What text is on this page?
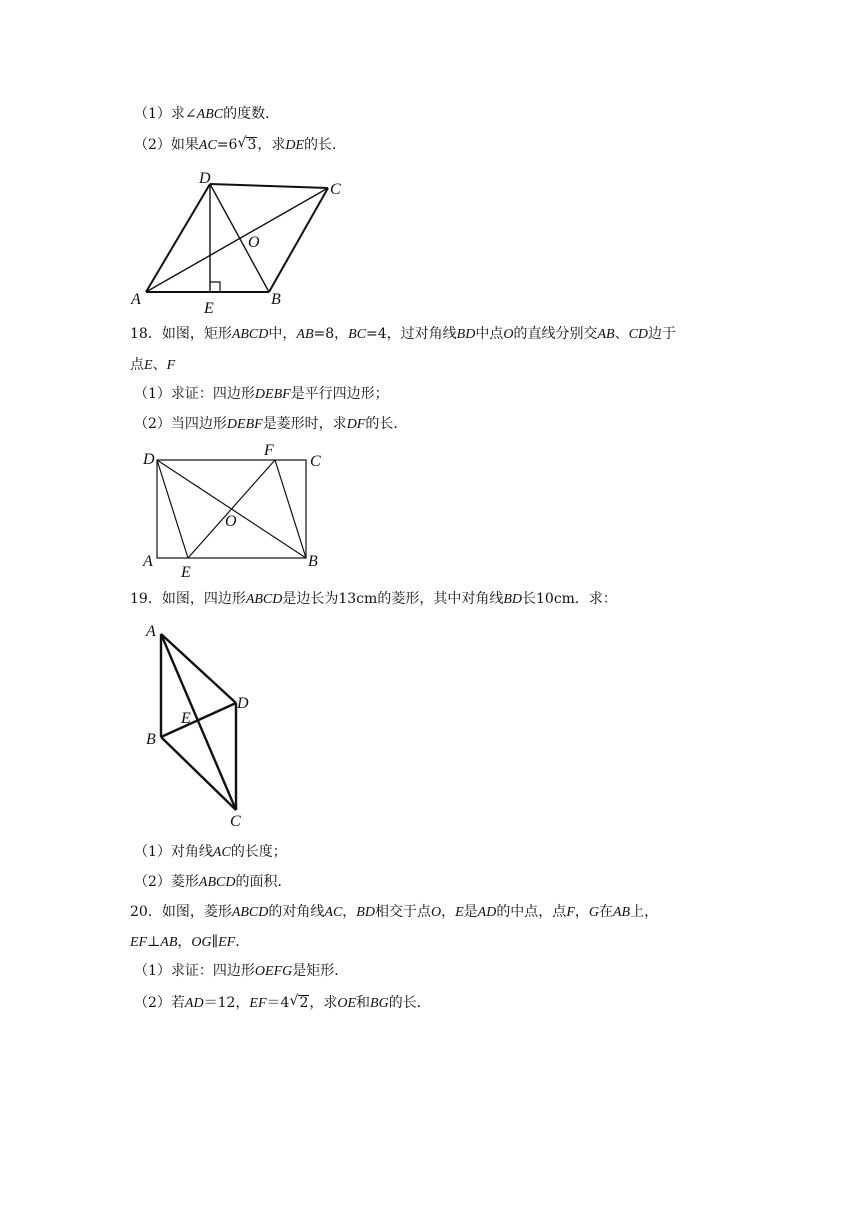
（1）求∠ABC的度数．
（2）如果AC=6 √ 3，求DE的长．
D
C
O
A
E
B
18．如图，矩形ABCD中，AB=8，BC=4，过对角线BD中点O的直线分别交AB、CD边于
点E、F
（1）求证：四边形DEBF是平行四边形；
（2）当四边形DEBF是菱形时，求DF的长．
D
F
C
O
A
E
B
19．如图，四边形ABCD是边长为13cm的菱形，其中对角线BD长10cm．求：
A
E
D
B
C
（1）对角线AC的长度；
（2）菱形ABCD的面积．
20．如图，菱形ABCD的对角线AC，BD相交于点O，E是AD的中点，点F，G在AB上，
EF⊥AB，OG∥EF．
（1）求证：四边形OEFG是矩形．
（2）若AD＝12，EF＝4 √ 2，求OE和BG的长．
